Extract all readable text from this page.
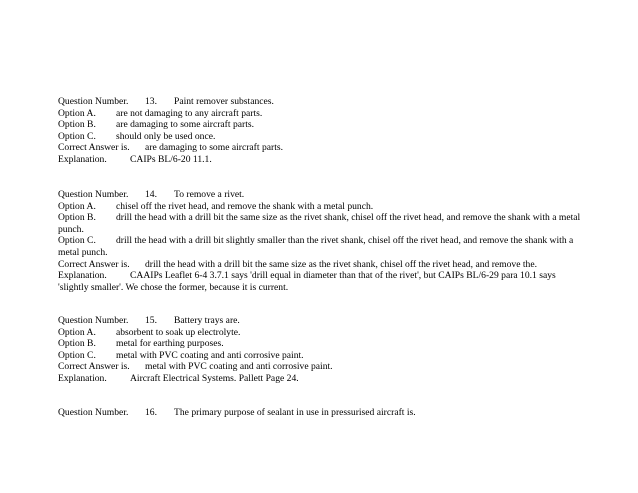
Question Number. 13. Paint remover substances.
Option A. are not damaging to any aircraft parts.
Option B. are damaging to some aircraft parts.
Option C. should only be used once.
Correct Answer is. are damaging to some aircraft parts.
Explanation. CAIPs BL/6-20 11.1.
Question Number. 14. To remove a rivet.
Option A. chisel off the rivet head, and remove the shank with a metal punch.
Option B. drill the head with a drill bit the same size as the rivet shank, chisel off the rivet head, and remove the shank with a metal punch.
Option C. drill the head with a drill bit slightly smaller than the rivet shank, chisel off the rivet head, and remove the shank with a metal punch.
Correct Answer is. drill the head with a drill bit the same size as the rivet shank, chisel off the rivet head, and remove the.
Explanation. CAAIPs Leaflet 6-4 3.7.1 says 'drill equal in diameter than that of the rivet', but CAIPs BL/6-29 para 10.1 says 'slightly smaller'. We chose the former, because it is current.
Question Number. 15. Battery trays are.
Option A. absorbent to soak up electrolyte.
Option B. metal for earthing purposes.
Option C. metal with PVC coating and anti corrosive paint.
Correct Answer is. metal with PVC coating and anti corrosive paint.
Explanation. Aircraft Electrical Systems. Pallett Page 24.
Question Number. 16. The primary purpose of sealant in use in pressurised aircraft is.
